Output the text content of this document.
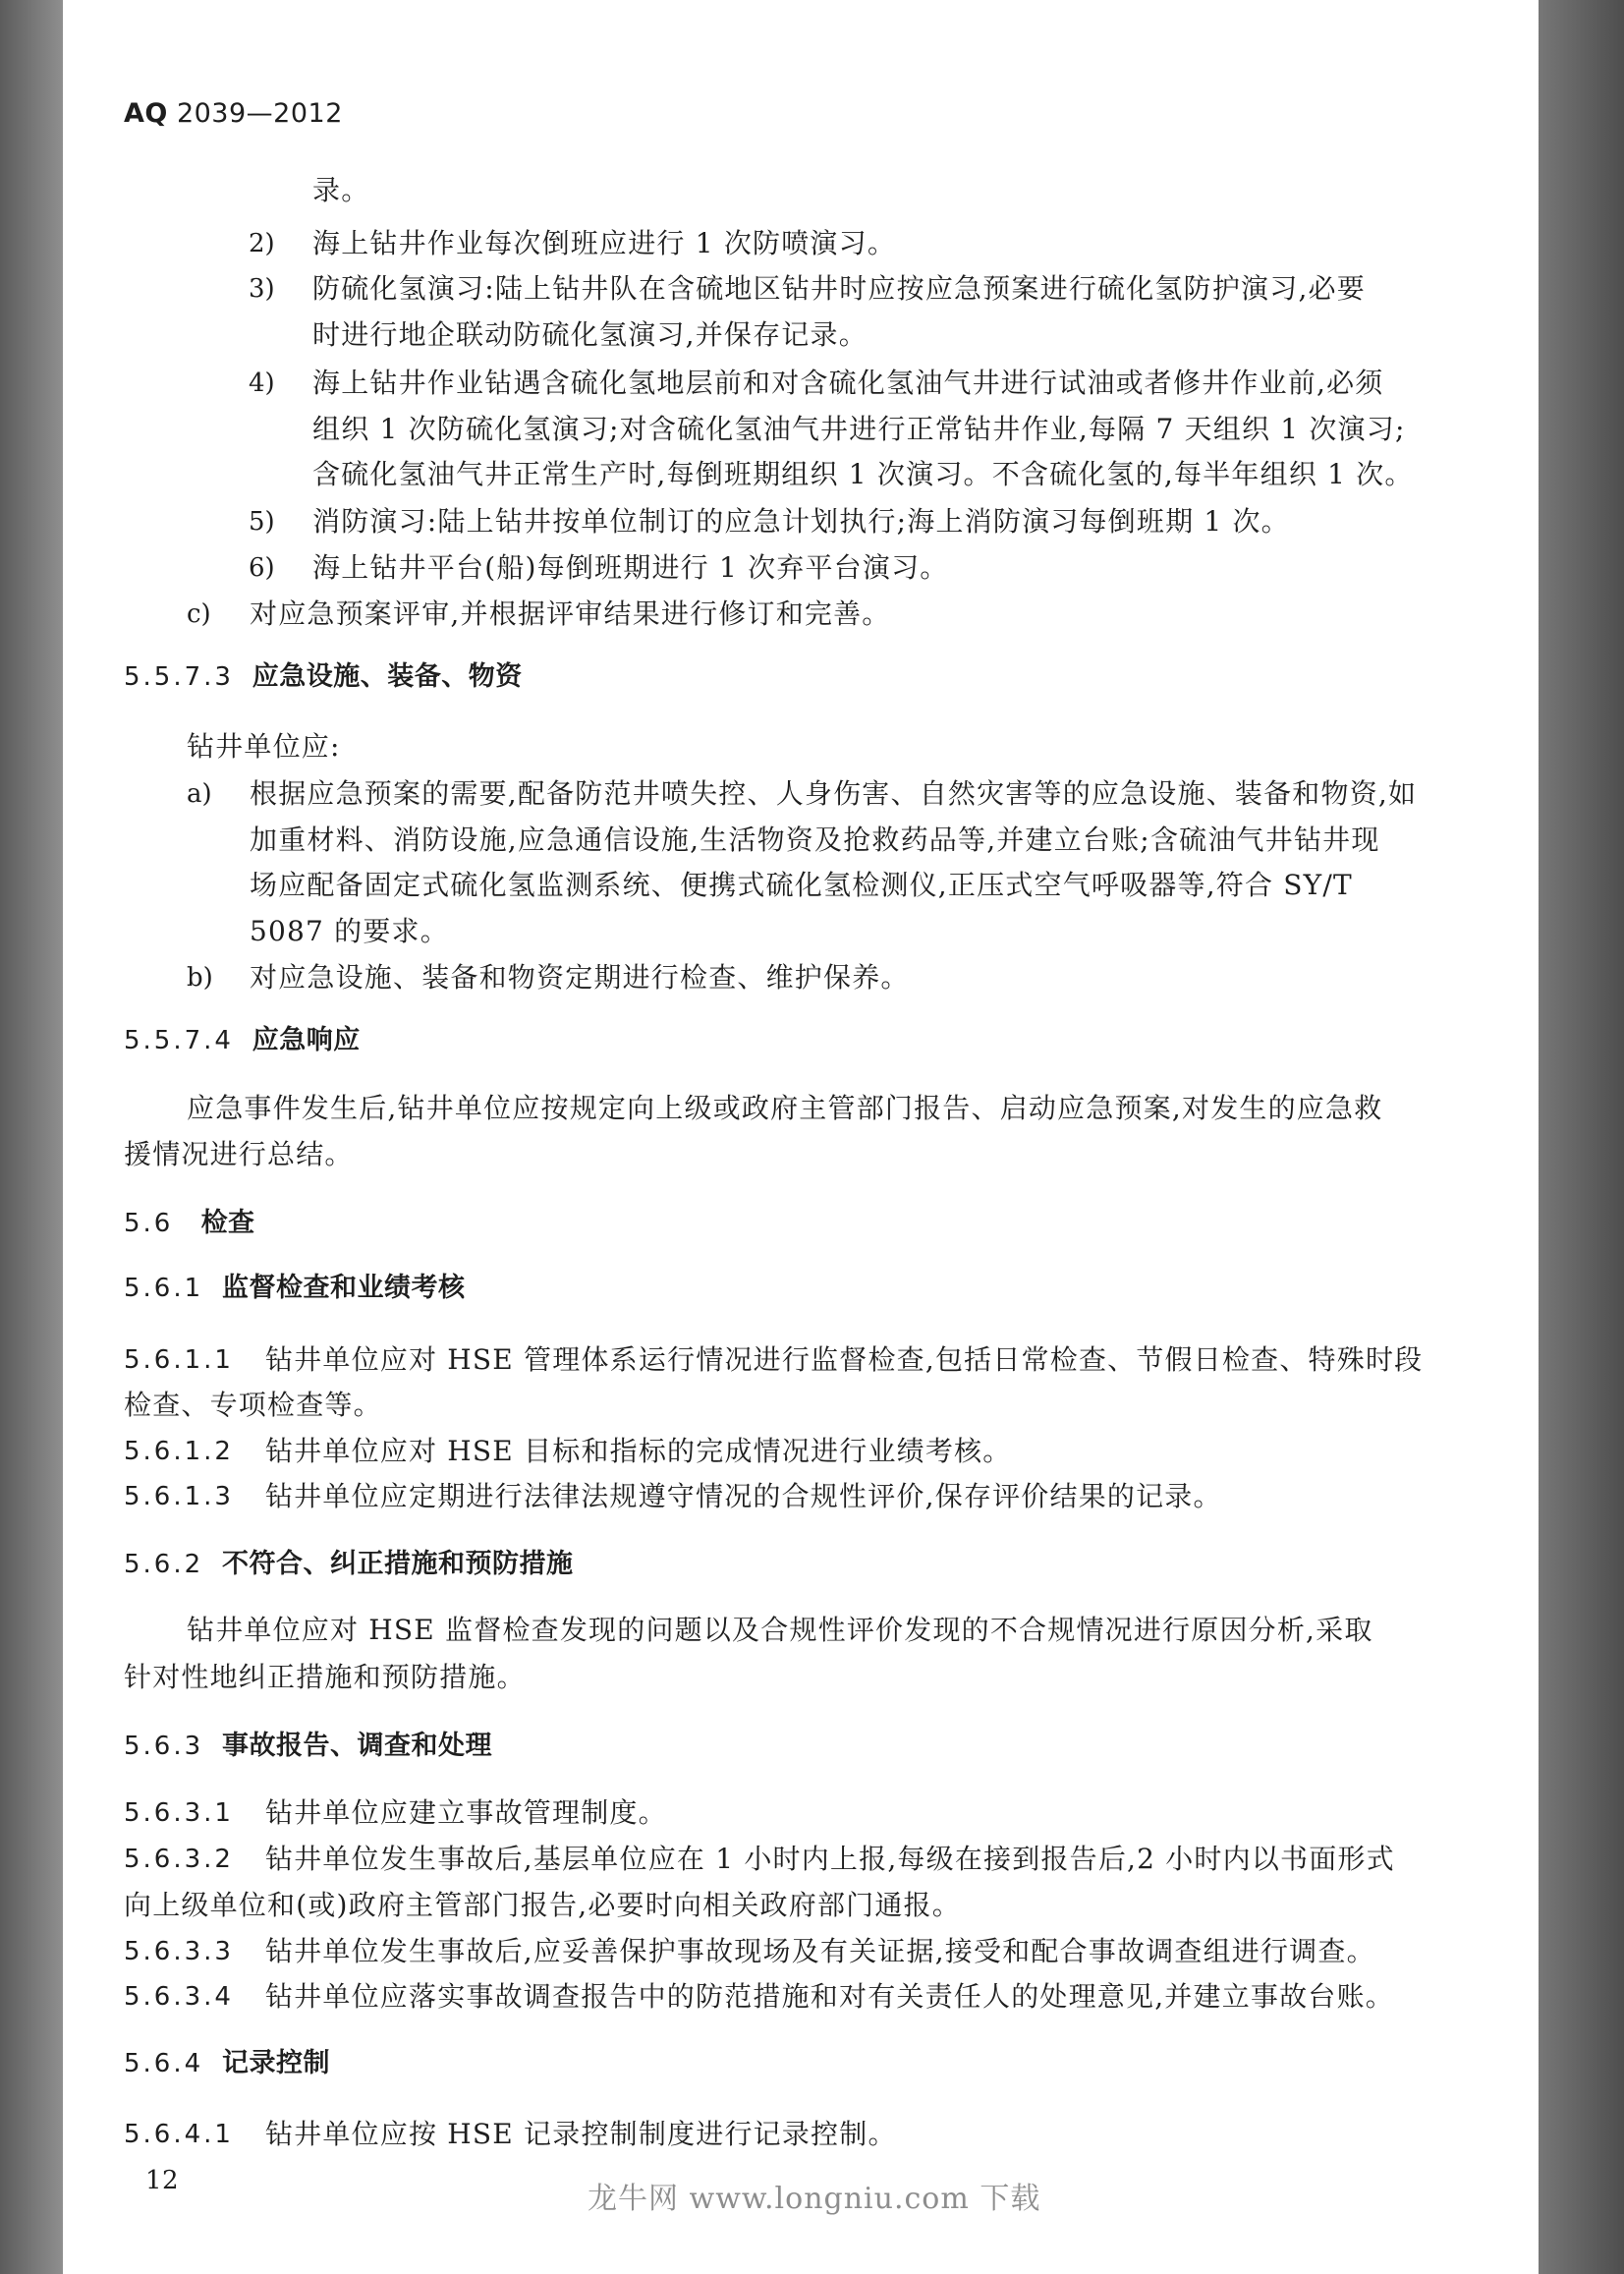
AQ 2039—2012
录。
2) 海上钻井作业每次倒班应进行 1 次防喷演习。
3) 防硫化氢演习:陆上钻井队在含硫地区钻井时应按应急预案进行硫化氢防护演习,必要
时进行地企联动防硫化氢演习,并保存记录。
4) 海上钻井作业钻遇含硫化氢地层前和对含硫化氢油气井进行试油或者修井作业前,必须
组织 1 次防硫化氢演习;对含硫化氢油气井进行正常钻井作业,每隔 7 天组织 1 次演习;
含硫化氢油气井正常生产时,每倒班期组织 1 次演习。不含硫化氢的,每半年组织 1 次。
5) 消防演习:陆上钻井按单位制订的应急计划执行;海上消防演习每倒班期 1 次。
6) 海上钻井平台(船)每倒班期进行 1 次弃平台演习。
c) 对应急预案评审,并根据评审结果进行修订和完善。
5.5.7.3 应急设施、装备、物资
钻井单位应:
a) 根据应急预案的需要,配备防范井喷失控、人身伤害、自然灾害等的应急设施、装备和物资,如
加重材料、消防设施,应急通信设施,生活物资及抢救药品等,并建立台账;含硫油气井钻井现
场应配备固定式硫化氢监测系统、便携式硫化氢检测仪,正压式空气呼吸器等,符合 SY/T
5087 的要求。
b) 对应急设施、装备和物资定期进行检查、维护保养。
5.5.7.4 应急响应
应急事件发生后,钻井单位应按规定向上级或政府主管部门报告、启动应急预案,对发生的应急救
援情况进行总结。
5.6 检查
5.6.1 监督检查和业绩考核
5.6.1.1 钻井单位应对 HSE 管理体系运行情况进行监督检查,包括日常检查、节假日检查、特殊时段
检查、专项检查等。
5.6.1.2 钻井单位应对 HSE 目标和指标的完成情况进行业绩考核。
5.6.1.3 钻井单位应定期进行法律法规遵守情况的合规性评价,保存评价结果的记录。
5.6.2 不符合、纠正措施和预防措施
钻井单位应对 HSE 监督检查发现的问题以及合规性评价发现的不合规情况进行原因分析,采取
针对性地纠正措施和预防措施。
5.6.3 事故报告、调查和处理
5.6.3.1 钻井单位应建立事故管理制度。
5.6.3.2 钻井单位发生事故后,基层单位应在 1 小时内上报,每级在接到报告后,2 小时内以书面形式
向上级单位和(或)政府主管部门报告,必要时向相关政府部门通报。
5.6.3.3 钻井单位发生事故后,应妥善保护事故现场及有关证据,接受和配合事故调查组进行调查。
5.6.3.4 钻井单位应落实事故调查报告中的防范措施和对有关责任人的处理意见,并建立事故台账。
5.6.4 记录控制
5.6.4.1 钻井单位应按 HSE 记录控制制度进行记录控制。
12
龙牛网 www.longniu.com 下载
